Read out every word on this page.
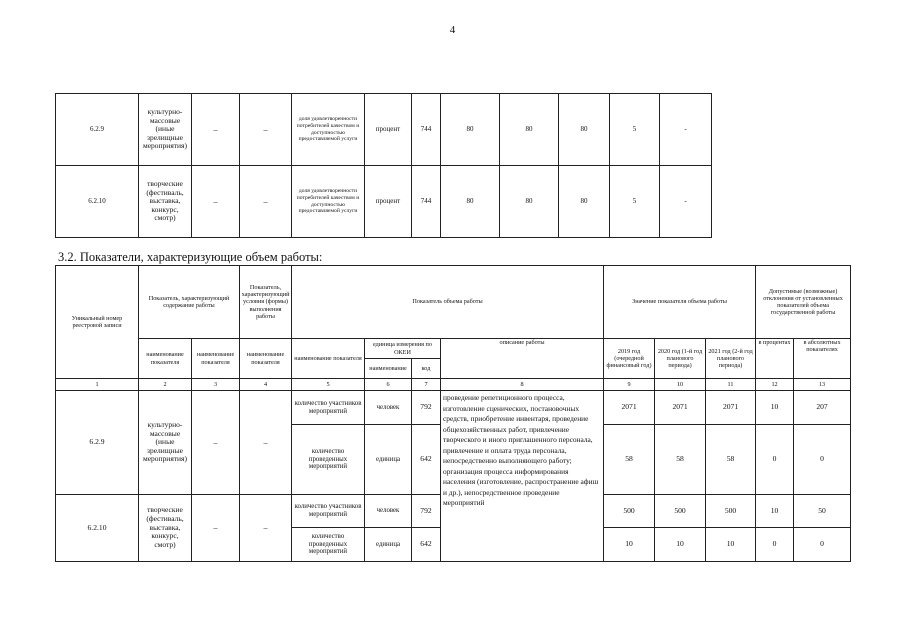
4
6.2.9	культурно-массовые (иные зрелищные мероприятия)	–	–	доля удовлетворенности потребителей качеством и доступностью предоставляемой услуги	процент	744	80	80	80	5	-
6.2.10	творческие (фестиваль, выставка, конкурс, смотр)	–	–	доля удовлетворенности потребителей качеством и доступностью предоставляемой услуги	процент	744	80	80	80	5	-
3.2. Показатели, характеризующие объем работы:
Уникальный номер реестровой записи	Показатель, характеризующий содержание работы		Показатель, характеризующий условия (формы) выполнения работы	Показатель объема работы				Значение показателя объема работы			Допустимые (возможные) отклонения от установленных показателей объема государственной работы	
	наименование показателя	наименование показателя	наименование показателя	наименование показателя	единица измерения по ОКЕИ		описание работы	2019 год (очередной финансовый год)	2020 год (1-й год планового периода)	2021 год (2-й год планового периода)	в процентах	в абсолютных показателях
					наименование	код						
1	2	3	4	5	6	7	8	9	10	11	12	13
6.2.9	культурно-массовые (иные зрелищные мероприятия)	–	–	количество участников мероприятий	человек	792	проведение репетиционного процесса, изготовление сценических, постановочных средств, приобретение инвентаря, проведение общехозяйственных работ, привлечение творческого и иного приглашенного персонала, привлечение и оплата труда персонала, непосредственно выполняющего работу; организация процесса информирования населения (изготовление, распространение афиш и др.), непосредственное проведение мероприятий	2071	2071	2071	10	207
				количество проведенных мероприятий	единица	642		58	58	58	0	0
6.2.10	творческие (фестиваль, выставка, конкурс, смотр)	–	–	количество участников мероприятий	человек	792		500	500	500	10	50
				количество проведенных мероприятий	единица	642		10	10	10	0	0
